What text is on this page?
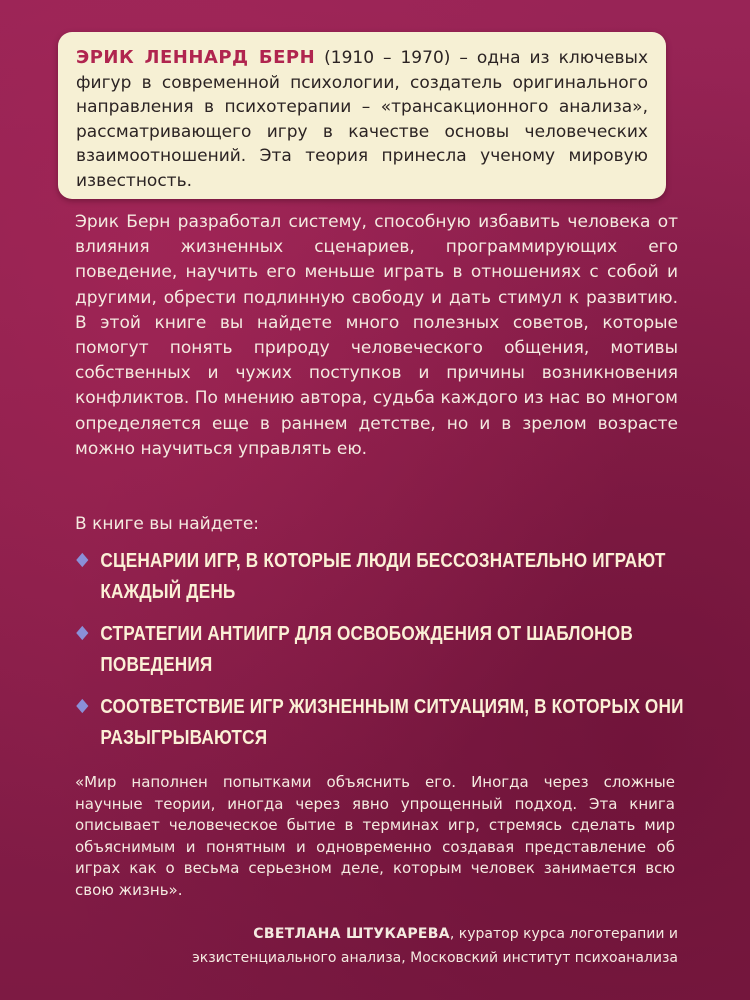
ЭРИК ЛЕННАРД БЕРН (1910 – 1970) – одна из ключевых фигур в современной психологии, создатель оригинального направления в психотерапии – «трансакционного анализа», рассматривающего игру в качестве основы человеческих взаимоотношений. Эта теория принесла ученому мировую известность.
Эрик Берн разработал систему, способную избавить человека от влияния жизненных сценариев, программирующих его поведение, научить его меньше играть в отношениях с собой и другими, обрести подлинную свободу и дать стимул к развитию. В этой книге вы найдете много полезных советов, которые помогут понять природу человеческого общения, мотивы собственных и чужих поступков и причины возникновения конфликтов. По мнению автора, судьба каждого из нас во многом определяется еще в раннем детстве, но и в зрелом возрасте можно научиться управлять ею.
В книге вы найдете:
СЦЕНАРИИ ИГР, В КОТОРЫЕ ЛЮДИ БЕССОЗНАТЕЛЬНО ИГРАЮТ КАЖДЫЙ ДЕНЬ
СТРАТЕГИИ АНТИИГР ДЛЯ ОСВОБОЖДЕНИЯ ОТ ШАБЛОНОВ ПОВЕДЕНИЯ
СООТВЕТСТВИЕ ИГР ЖИЗНЕННЫМ СИТУАЦИЯМ, В КОТОРЫХ ОНИ РАЗЫГРЫВАЮТСЯ
«Мир наполнен попытками объяснить его. Иногда через сложные научные теории, иногда через явно упрощенный подход. Эта книга описывает человеческое бытие в терминах игр, стремясь сделать мир объяснимым и понятным и одновременно создавая представление об играх как о весьма серьезном деле, которым человек занимается всю свою жизнь».
СВЕТЛАНА ШТУКАРЕВА, куратор курса логотерапии и экзистенциального анализа, Московский институт психоанализа
